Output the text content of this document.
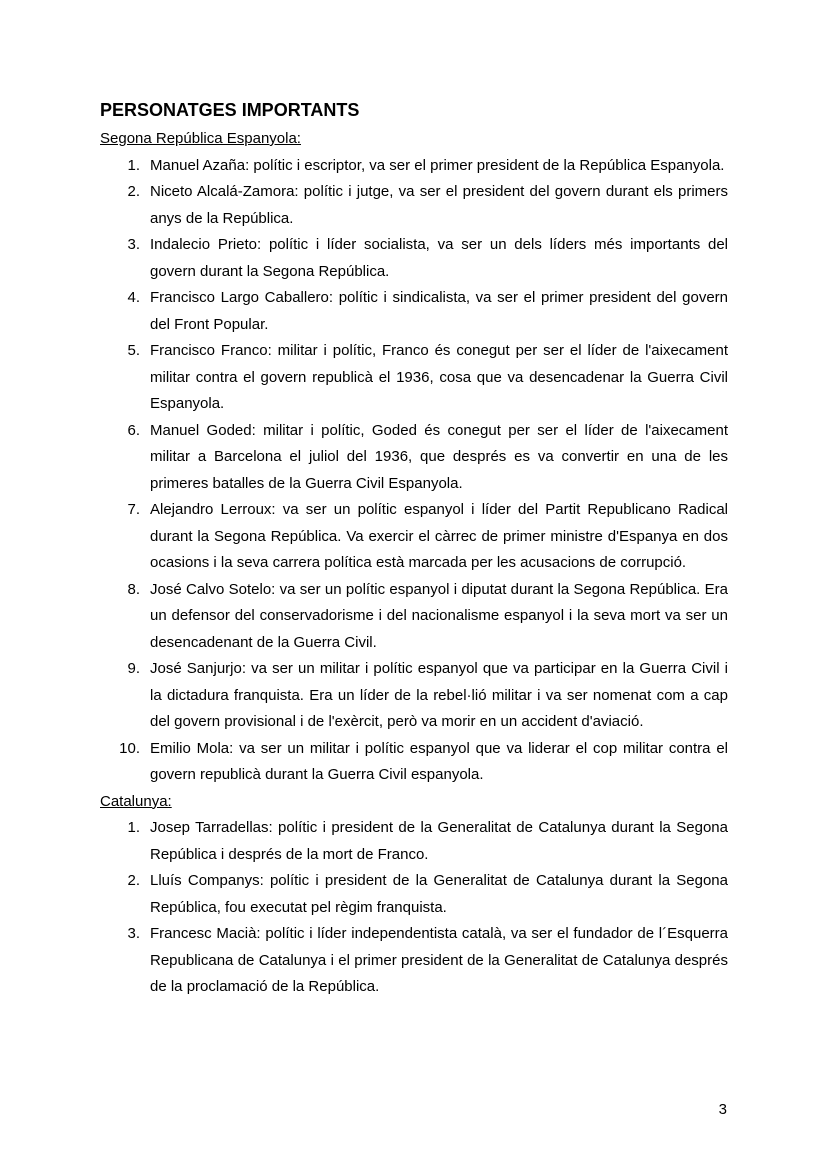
PERSONATGES IMPORTANTS

Segona República Espanyola:

1. Manuel Azaña: polític i escriptor, va ser el primer president de la República Espanyola.
2. Niceto Alcalá-Zamora: polític i jutge, va ser el president del govern durant els primers anys de la República.
3. Indalecio Prieto: polític i líder socialista, va ser un dels líders més importants del govern durant la Segona República.
4. Francisco Largo Caballero: polític i sindicalista, va ser el primer president del govern del Front Popular.
5. Francisco Franco: militar i polític, Franco és conegut per ser el líder de l'aixecament militar contra el govern republicà el 1936, cosa que va desencadenar la Guerra Civil Espanyola.
6. Manuel Goded: militar i polític, Goded és conegut per ser el líder de l'aixecament militar a Barcelona el juliol del 1936, que després es va convertir en una de les primeres batalles de la Guerra Civil Espanyola.
7. Alejandro Lerroux: va ser un polític espanyol i líder del Partit Republicano Radical durant la Segona República. Va exercir el càrrec de primer ministre d'Espanya en dos ocasions i la seva carrera política està marcada per les acusacions de corrupció.
8. José Calvo Sotelo: va ser un polític espanyol i diputat durant la Segona República. Era un defensor del conservadorisme i del nacionalisme espanyol i la seva mort va ser un desencadenant de la Guerra Civil.
9. José Sanjurjo: va ser un militar i polític espanyol que va participar en la Guerra Civil i la dictadura franquista. Era un líder de la rebel·lió militar i va ser nomenat com a cap del govern provisional i de l'exèrcit, però va morir en un accident d'aviació.
10. Emilio Mola: va ser un militar i polític espanyol que va liderar el cop militar contra el govern republicà durant la Guerra Civil espanyola.

Catalunya:

1. Josep Tarradellas: polític i president de la Generalitat de Catalunya durant la Segona República i després de la mort de Franco.
2. Lluís Companys: polític i president de la Generalitat de Catalunya durant la Segona República, fou executat pel règim franquista.
3. Francesc Macià: polític i líder independentista català, va ser el fundador de l´Esquerra Republicana de Catalunya i el primer president de la Generalitat de Catalunya després de la proclamació de la República.
3
